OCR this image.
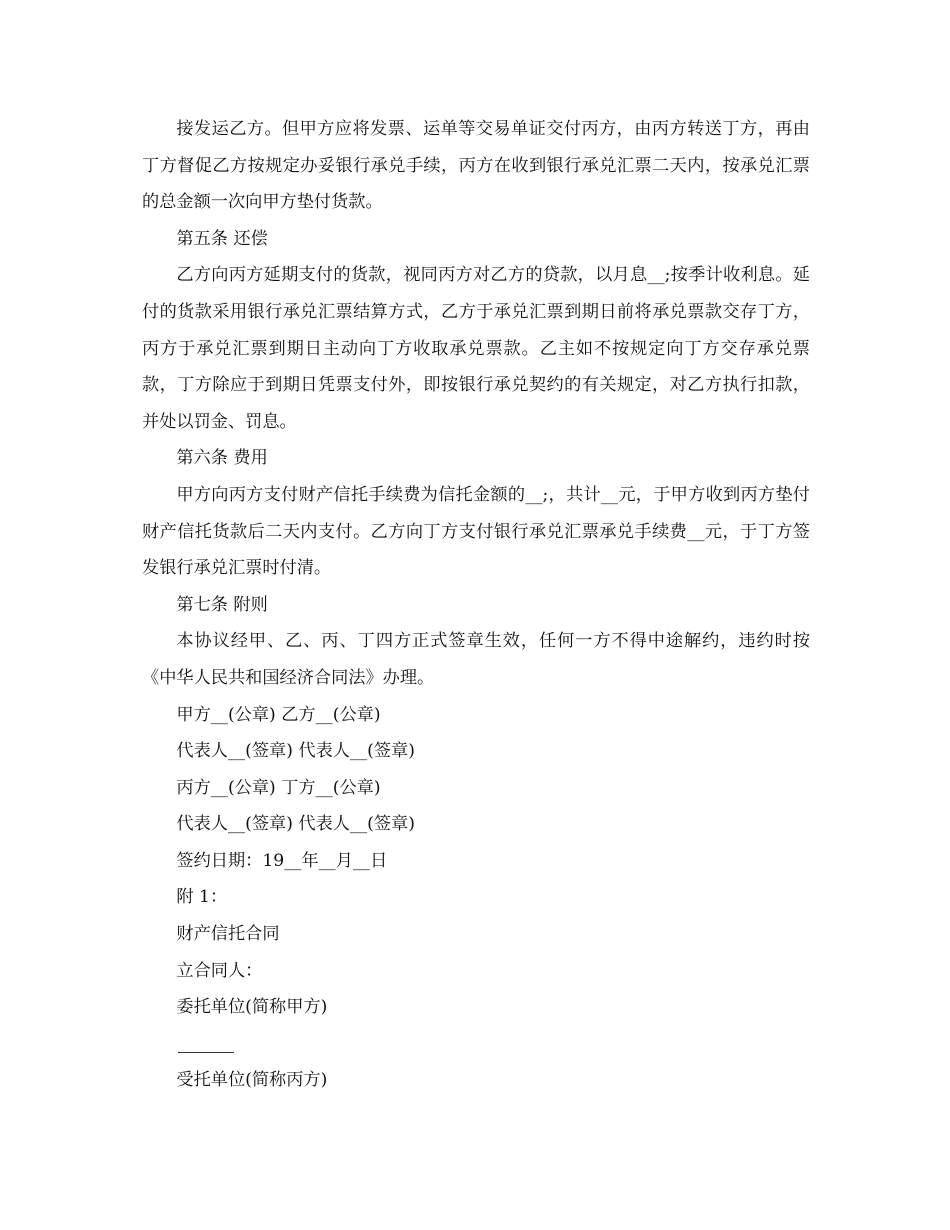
接发运乙方。但甲方应将发票、运单等交易单证交付丙方，由丙方转送丁方，再由丁方督促乙方按规定办妥银行承兑手续，丙方在收到银行承兑汇票二天内，按承兑汇票的总金额一次向甲方垫付货款。

第五条 还偿

乙方向丙方延期支付的货款，视同丙方对乙方的贷款，以月息__;按季计收利息。延付的货款采用银行承兑汇票结算方式，乙方于承兑汇票到期日前将承兑票款交存丁方，丙方于承兑汇票到期日主动向丁方收取承兑票款。乙主如不按规定向丁方交存承兑票款，丁方除应于到期日凭票支付外，即按银行承兑契约的有关规定，对乙方执行扣款，并处以罚金、罚息。

第六条 费用

甲方向丙方支付财产信托手续费为信托金额的__;，共计__元，于甲方收到丙方垫付财产信托货款后二天内支付。乙方向丁方支付银行承兑汇票承兑手续费__元，于丁方签发银行承兑汇票时付清。

第七条 附则

本协议经甲、乙、丙、丁四方正式签章生效，任何一方不得中途解约，违约时按《中华人民共和国经济合同法》办理。

甲方__(公章) 乙方__(公章)

代表人__(签章) 代表人__(签章)

丙方__(公章) 丁方__(公章)

代表人__(签章) 代表人__(签章)

签约日期：19__年__月__日

附 1：

财产信托合同

立合同人：

委托单位(简称甲方)

受托单位(简称丙方)
